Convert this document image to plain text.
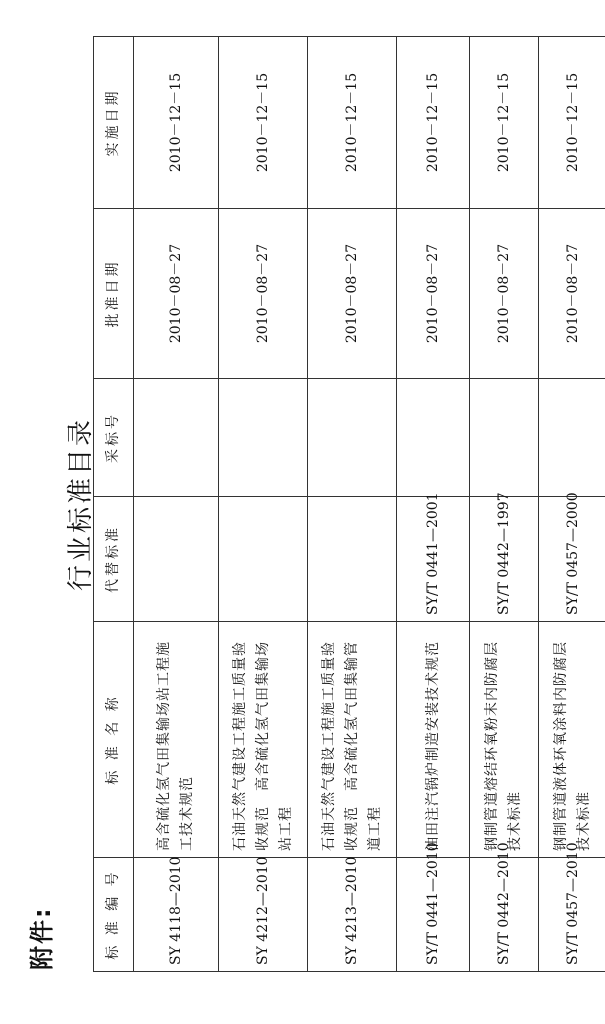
附件:
行业标准目录
标 准 编 号	标 准 名 称	代替标准	采标号	批准日期	实施日期
SY 4118—2010	高含硫化氢气田集输场站工程施工技术规范			2010－08－27	2010－12－15
SY 4212—2010	石油天然气建设工程施工质量验收规范　高含硫化氢气田集输场站工程			2010－08－27	2010－12－15
SY 4213—2010	石油天然气建设工程施工质量验收规范　高含硫化氢气田集输管道工程			2010－08－27	2010－12－15
SY/T 0441—2010	油田注汽锅炉制造安装技术规范	SY/T 0441—2001		2010－08－27	2010－12－15
SY/T 0442—2010	钢制管道熔结环氧粉末内防腐层技术标准	SY/T 0442—1997		2010－08－27	2010－12－15
SY/T 0457—2010	钢制管道液体环氧涂料内防腐层技术标准	SY/T 0457—2000		2010－08－27	2010－12－15
